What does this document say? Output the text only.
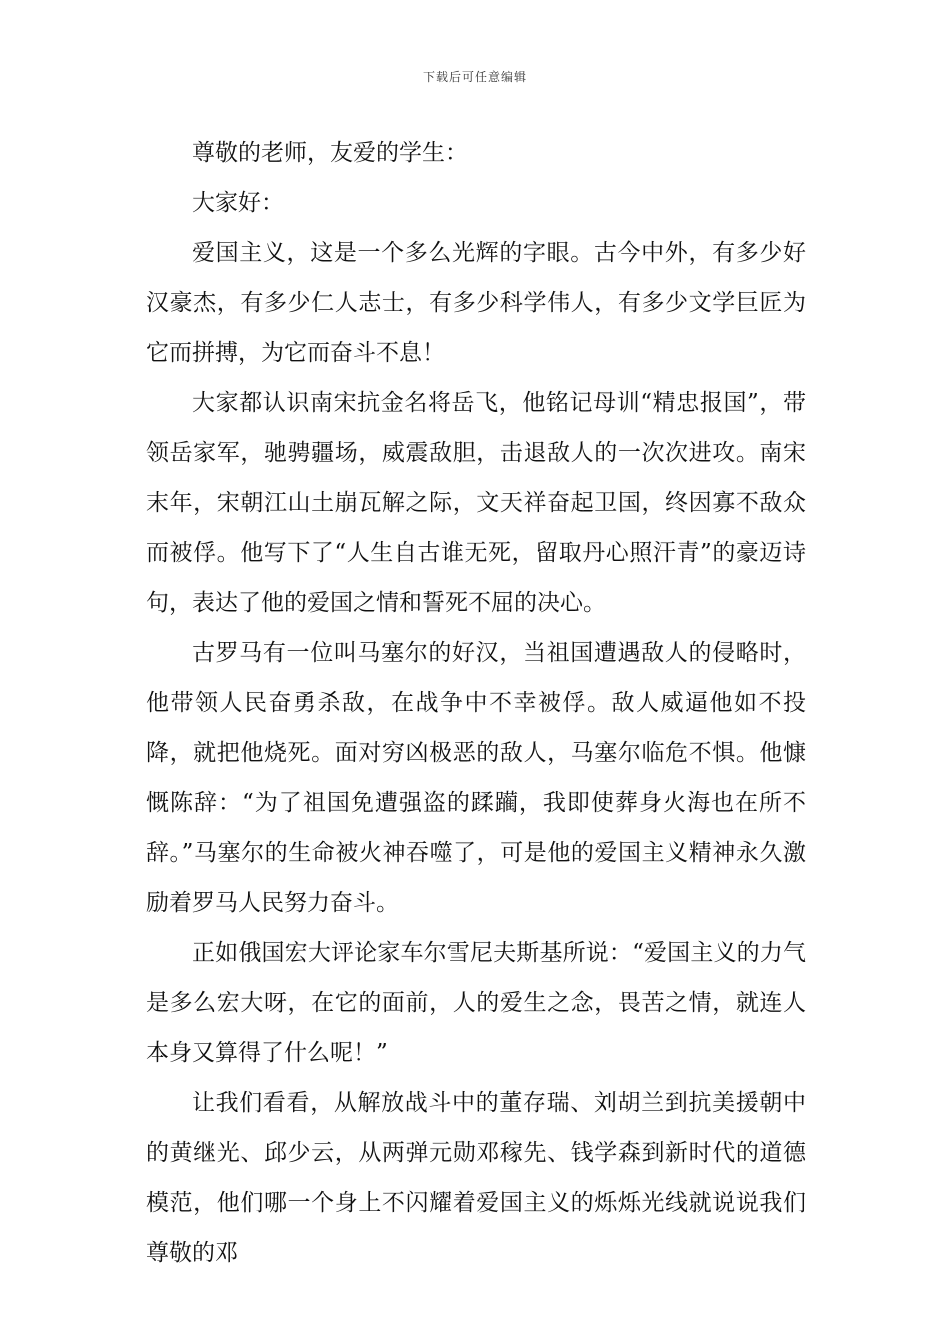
下载后可任意编辑

尊敬的老师，友爱的学生：

大家好：

爱国主义，这是一个多么光辉的字眼。古今中外，有多少好汉豪杰，有多少仁人志士，有多少科学伟人，有多少文学巨匠为它而拼搏，为它而奋斗不息！

大家都认识南宋抗金名将岳飞，他铭记母训“精忠报国”，带领岳家军，驰骋疆场，威震敌胆，击退敌人的一次次进攻。南宋末年，宋朝江山土崩瓦解之际，文天祥奋起卫国，终因寡不敌众而被俘。他写下了“人生自古谁无死，留取丹心照汗青”的豪迈诗句，表达了他的爱国之情和誓死不屈的决心。

古罗马有一位叫马塞尔的好汉，当祖国遭遇敌人的侵略时，他带领人民奋勇杀敌，在战争中不幸被俘。敌人威逼他如不投降，就把他烧死。面对穷凶极恶的敌人，马塞尔临危不惧。他慷慨陈辞：“为了祖国免遭强盗的蹂躏，我即使葬身火海也在所不辞。”马塞尔的生命被火神吞噬了，可是他的爱国主义精神永久激励着罗马人民努力奋斗。

正如俄国宏大评论家车尔雪尼夫斯基所说：“爱国主义的力气是多么宏大呀，在它的面前，人的爱生之念，畏苦之情，就连人本身又算得了什么呢！”

让我们看看，从解放战斗中的董存瑞、刘胡兰到抗美援朝中的黄继光、邱少云，从两弹元勋邓稼先、钱学森到新时代的道德模范，他们哪一个身上不闪耀着爱国主义的烁烁光线就说说我们尊敬的邓
